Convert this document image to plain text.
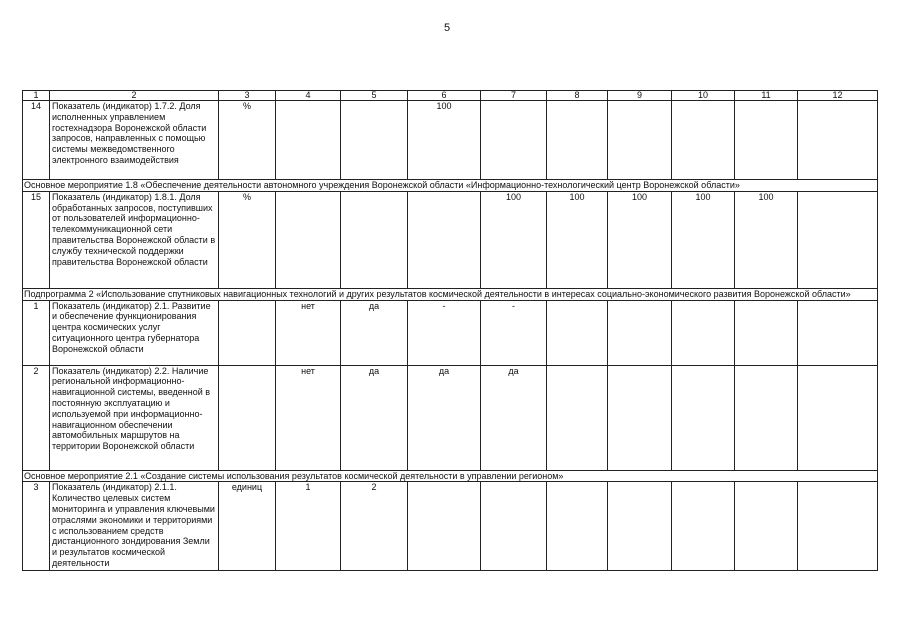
5
1	2	3	4	5	6	7	8	9	10	11	12
14	Показатель (индикатор) 1.7.2. Доля исполненных управлением гостехнадзора Воронежской области запросов, направленных с помощью системы межведомственного электронного взаимодействия	%			100						
Основное мероприятие 1.8 «Обеспечение деятельности автономного учреждения Воронежской области «Информационно-технологический центр Воронежской области»											
15	Показатель (индикатор) 1.8.1. Доля обработанных запросов, поступивших от пользователей информационно-телекоммуникационной сети правительства Воронежской области в службу технической поддержки правительства Воронежской области	%				100	100	100	100	100	
Подпрограмма 2 «Использование спутниковых навигационных технологий и других результатов космической деятельности в интересах социально-экономического развития Воронежской области»											
1	Показатель (индикатор) 2.1. Развитие и обеспечение функционирования центра космических услуг ситуационного центра губернатора Воронежской области		нет	да	-	-					
2	Показатель (индикатор) 2.2. Наличие региональной информационно-навигационной системы, введенной в постоянную эксплуатацию и используемой при информационно-навигационном обеспечении автомобильных маршрутов на территории Воронежской области		нет	да	да	да					
Основное мероприятие 2.1 «Создание системы использования результатов космической деятельности в управлении регионом»											
3	Показатель (индикатор) 2.1.1. Количество целевых систем мониторинга и управления ключевыми отраслями экономики и территориями с использованием средств дистанционного зондирования Земли и результатов космической деятельности	единиц	1	2							
